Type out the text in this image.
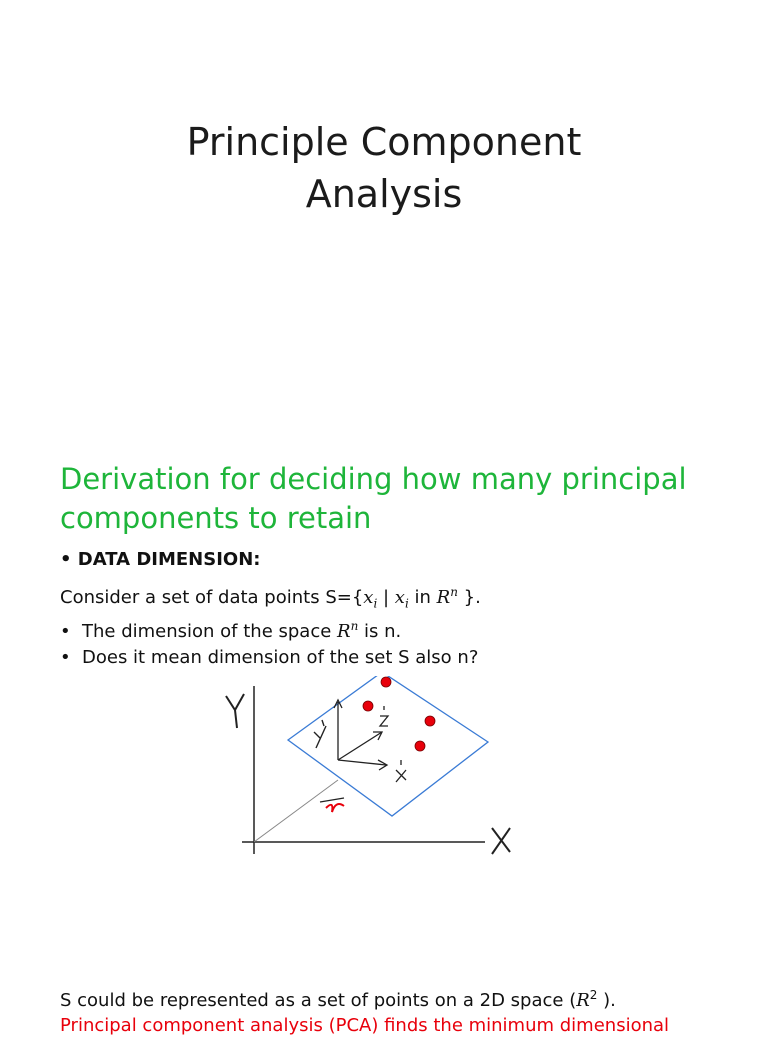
Principle Component
Analysis
Derivation for deciding how many principal
components to retain
• DATA DIMENSION:
Consider a set of data points $S=\{x_i$ | $x_i$ in $R^n$ }.
• The dimension of the space $R^n$ is n.
• Does it mean dimension of the set S also n?
S could be represented as a set of points on a 2D space ($R^2$ ).
Principal component analysis (PCA) finds the minimum dimensional
